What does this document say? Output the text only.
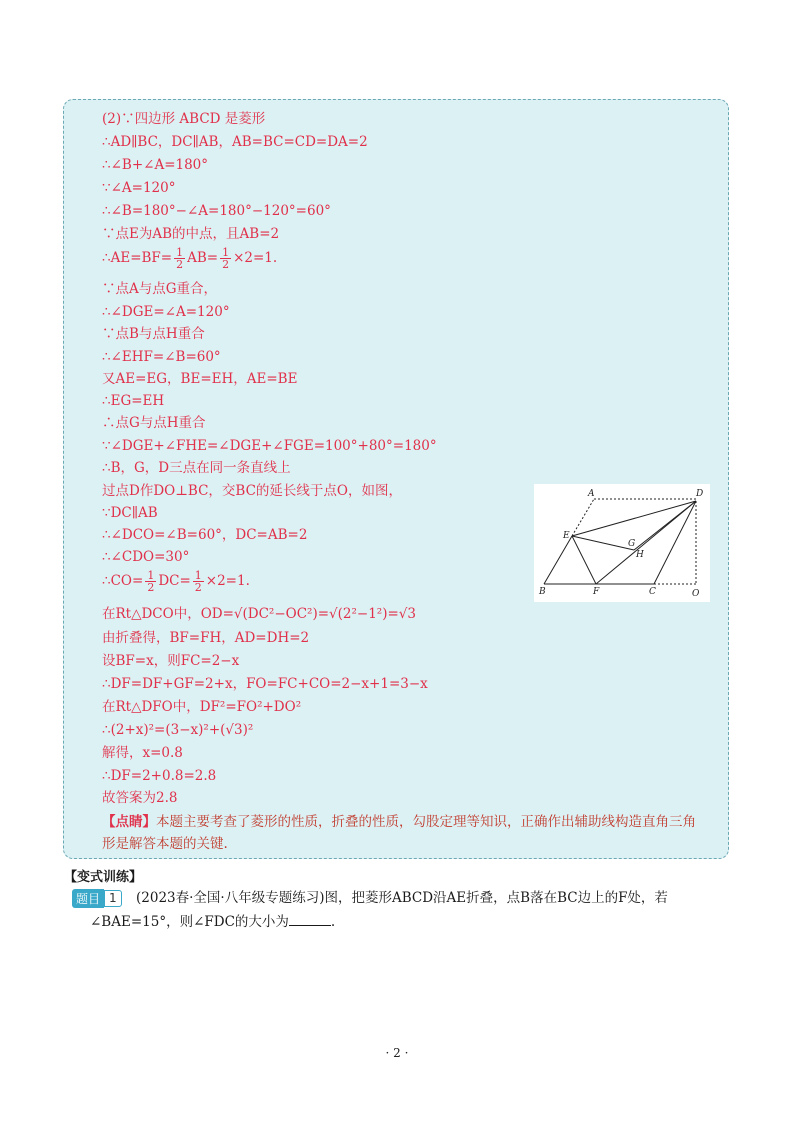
(2)∵四边形 ABCD 是菱形
∴AD∥BC，DC∥AB，AB=BC=CD=DA=2
∴∠B+∠A=180°
∵∠A=120°
∴∠B=180°−∠A=180°−120°=60°
∵点E为AB的中点，且AB=2
∴AE=BF= $\frac{1}{2} AB= \frac{1}{2} \times 2=1$.
∵点A与点G重合，
∴∠DGE=∠A=120°
∵点B与点H重合
∴∠EHF=∠B=60°
又AE=EG，BE=EH，AE=BE
∴EG=EH
∴点G与点H重合
∵∠DGE+∠FHE=∠DGE+∠FGE=100°+80°=180°
∴B，G，D三点在同一条直线上
过点D作DO⊥BC，交BC的延长线于点O，如图，
∵DC∥AB
∴∠DCO=∠B=60°，DC=AB=2
∴∠CDO=30°
∴CO= $\frac{1}{2} DC= \frac{1}{2} \times 2=1$.
在Rt△DCO中，OD=√(DC²−OC²)=√(2²−1²)=√3
由折叠得，BF=FH，AD=DH=2
设BF=x，则FC=2−x
∴DF=DF+GF=2+x，FO=FC+CO=2−x+1=3−x
在Rt△DFO中，DF²=FO²+DO²
∴(2+x)²=(3−x)²+(√3)²
解得，x=0.8
∴DF=2+0.8=2.8
故答案为2.8
【点睛】本题主要考查了菱形的性质，折叠的性质，勾股定理等知识，正确作出辅助线构造直角三角
形是解答本题的关键.
A	D
E
G
H
B	F	C	O
【变式训练】
题目 1	(2023春·全国·八年级专题练习)图，把菱形ABCD沿AE折叠，点B落在BC边上的F处，若
∠BAE=15°，则∠FDC的大小为	.
· 2 ·
